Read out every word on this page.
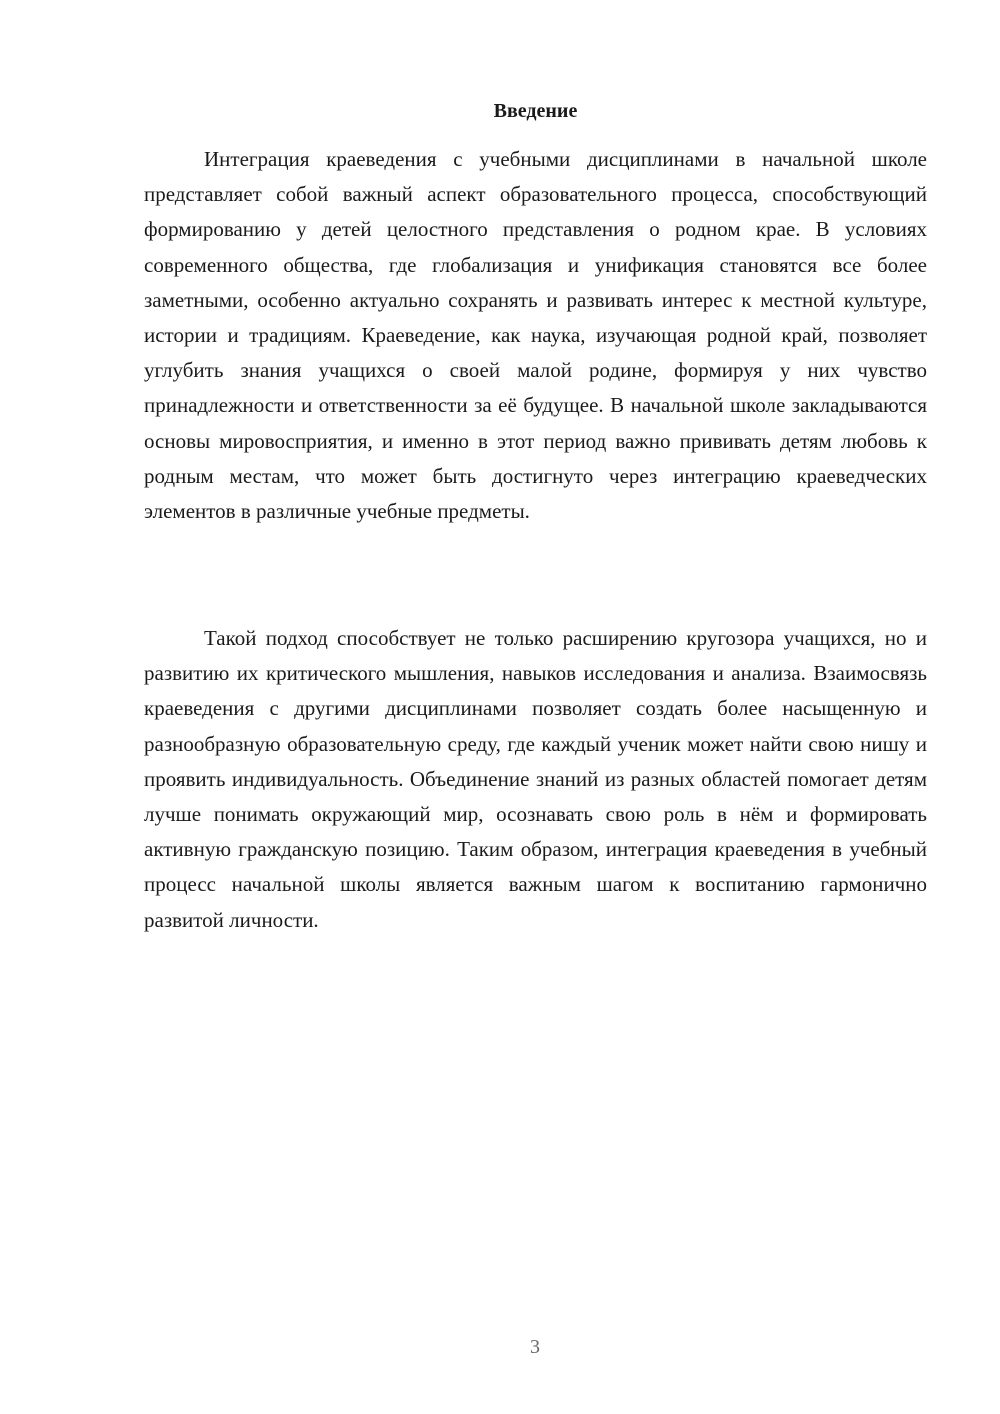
Введение

Интеграция краеведения с учебными дисциплинами в начальной школе представляет собой важный аспект образовательного процесса, способствующий формированию у детей целостного представления о родном крае. В условиях современного общества, где глобализация и унификация становятся все более заметными, особенно актуально сохранять и развивать интерес к местной культуре, истории и традициям. Краеведение, как наука, изучающая родной край, позволяет углубить знания учащихся о своей малой родине, формируя у них чувство принадлежности и ответственности за её будущее. В начальной школе закладываются основы мировосприятия, и именно в этот период важно прививать детям любовь к родным местам, что может быть достигнуто через интеграцию краеведческих элементов в различные учебные предметы.

Такой подход способствует не только расширению кругозора учащихся, но и развитию их критического мышления, навыков исследования и анализа. Взаимосвязь краеведения с другими дисциплинами позволяет создать более насыщенную и разнообразную образовательную среду, где каждый ученик может найти свою нишу и проявить индивидуальность. Объединение знаний из разных областей помогает детям лучше понимать окружающий мир, осознавать свою роль в нём и формировать активную гражданскую позицию. Таким образом, интеграция краеведения в учебный процесс начальной школы является важным шагом к воспитанию гармонично развитой личности.

3
